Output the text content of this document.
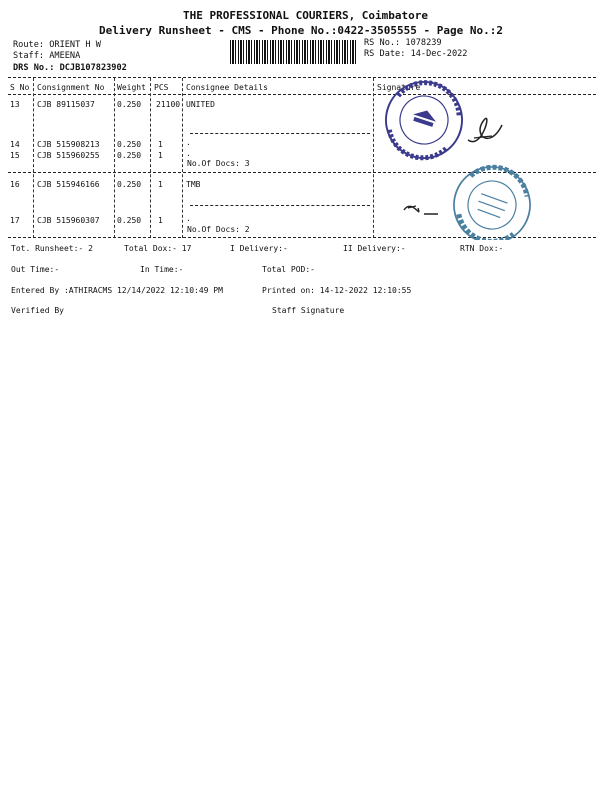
THE PROFESSIONAL COURIERS, Coimbatore
Delivery Runsheet - CMS - Phone No.:0422-3505555 - Page No.:2
Route: ORIENT H W
Staff: AMEENA
DRS No.: DCJB107823902
RS No.: 1078239
RS Date: 14-Dec-2022
S No Consignment No Weight PCS Consignee Details	Signature
13 CJB 89115037	0.250 21100 UNITED
14 CJB 515908213 0.250 1	.
15 CJB 515960255 0.250 1	.
No.Of Docs: 3
16 CJB 515946166 0.250 1	TMB
17 CJB 515960307 0.250 1	.
No.Of Docs: 2
Tot. Runsheet:- 2	Total Dox:- 17	I Delivery:-	II Delivery:-	RTN Dox:-
Out Time:-	In Time:-	Total POD:-
Entered By :ATHIRACMS 12/14/2022 12:10:49 PM	Printed on: 14-12-2022 12:10:55
Verified By	Staff Signature
